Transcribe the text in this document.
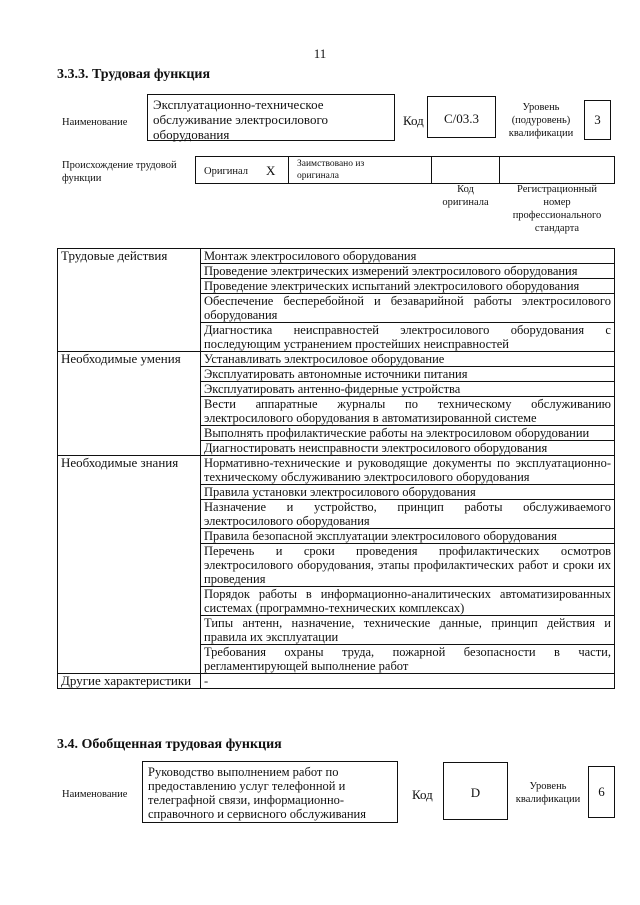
11
3.3.3. Трудовая функция
Наименование
Эксплуатационно-техническое обслуживание электросилового оборудования
Код	C/03.3
Уровень (подуровень) квалификации
3
Происхождение трудовой функции
Оригинал X Заимствовано из оригинала
Код оригинала
Регистрационный номер профессионального стандарта
Трудовые действия	Монтаж электросилового оборудования
	Проведение электрических измерений электросилового оборудования
	Проведение электрических испытаний электросилового оборудования
	Обеспечение бесперебойной и безаварийной работы электросилового оборудования
	Диагностика неисправностей электросилового оборудования с последующим устранением простейших неисправностей
Необходимые умения	Устанавливать электросиловое оборудование
	Эксплуатировать автономные источники питания
	Эксплуатировать антенно-фидерные устройства
	Вести аппаратные журналы по техническому обслуживанию электросилового оборудования в автоматизированной системе
	Выполнять профилактические работы на электросиловом оборудовании
	Диагностировать неисправности электросилового оборудования
Необходимые знания	Нормативно-технические и руководящие документы по эксплуатационно-техническому обслуживанию электросилового оборудования
	Правила установки электросилового оборудования
	Назначение и устройство, принцип работы обслуживаемого электросилового оборудования
	Правила безопасной эксплуатации электросилового оборудования
	Перечень и сроки проведения профилактических осмотров электросилового оборудования, этапы профилактических работ и сроки их проведения
	Порядок работы в информационно-аналитических автоматизированных системах (программно-технических комплексах)
	Типы антенн, назначение, технические данные, принцип действия и правила их эксплуатации
	Требования охраны труда, пожарной безопасности в части, регламентирующей выполнение работ
Другие характеристики	-
3.4. Обобщенная трудовая функция
Наименование
Руководство выполнением работ по предоставлению услуг телефонной и телеграфной связи, информационно-справочного и сервисного обслуживания
Код	D	Уровень квалификации
6
